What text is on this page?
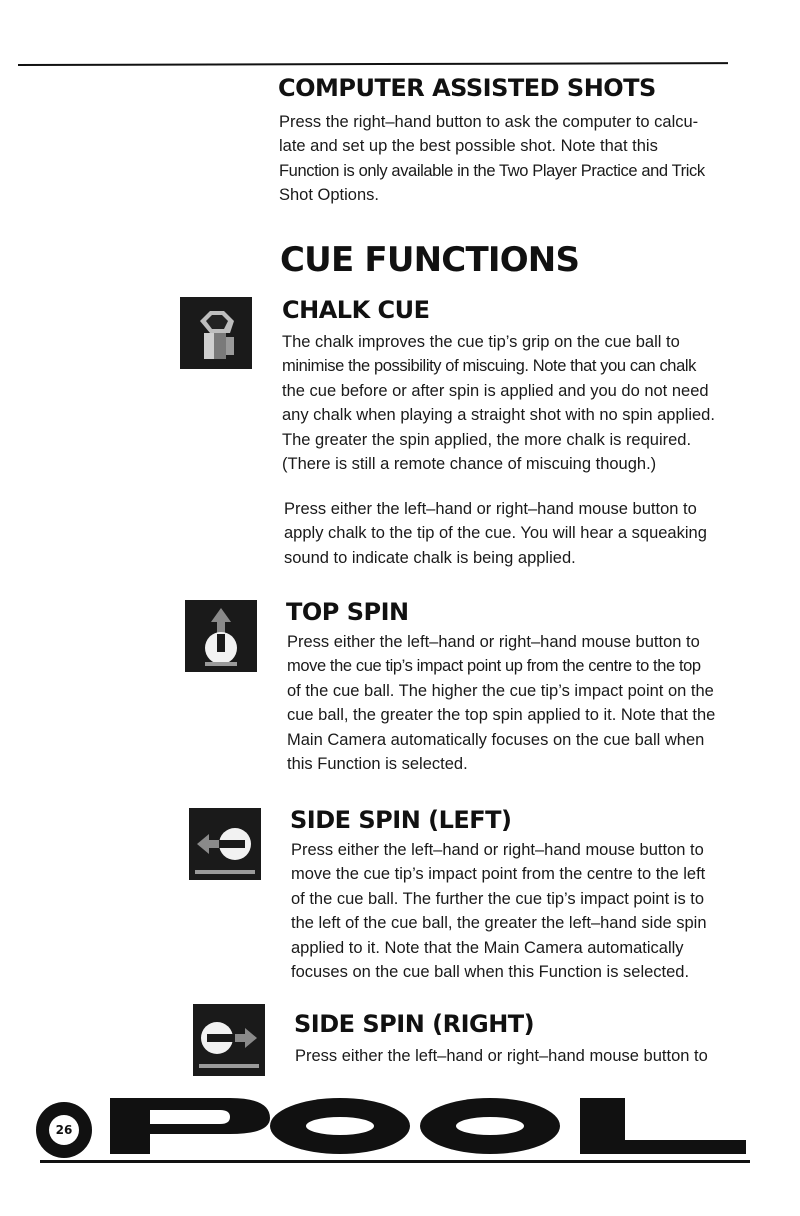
COMPUTER ASSISTED SHOTS
Press the right–hand button to ask the computer to calcu-
late and set up the best possible shot. Note that this
Function is only available in the Two Player Practice and Trick
Shot Options.
CUE FUNCTIONS
CHALK CUE
The chalk improves the cue tip’s grip on the cue ball to
minimise the possibility of miscuing. Note that you can chalk
the cue before or after spin is applied and you do not need
any chalk when playing a straight shot with no spin applied.
The greater the spin applied, the more chalk is required.
(There is still a remote chance of miscuing though.)
Press either the left–hand or right–hand mouse button to
apply chalk to the tip of the cue. You will hear a squeaking
sound to indicate chalk is being applied.
TOP SPIN
Press either the left–hand or right–hand mouse button to
move the cue tip’s impact point up from the centre to the top
of the cue ball. The higher the cue tip’s impact point on the
cue ball, the greater the top spin applied to it. Note that the
Main Camera automatically focuses on the cue ball when
this Function is selected.
SIDE SPIN (LEFT)
Press either the left–hand or right–hand mouse button to
move the cue tip’s impact point from the centre to the left
of the cue ball. The further the cue tip’s impact point is to
the left of the cue ball, the greater the left–hand side spin
applied to it. Note that the Main Camera automatically
focuses on the cue ball when this Function is selected.
SIDE SPIN (RIGHT)
Press either the left–hand or right–hand mouse button to
26
